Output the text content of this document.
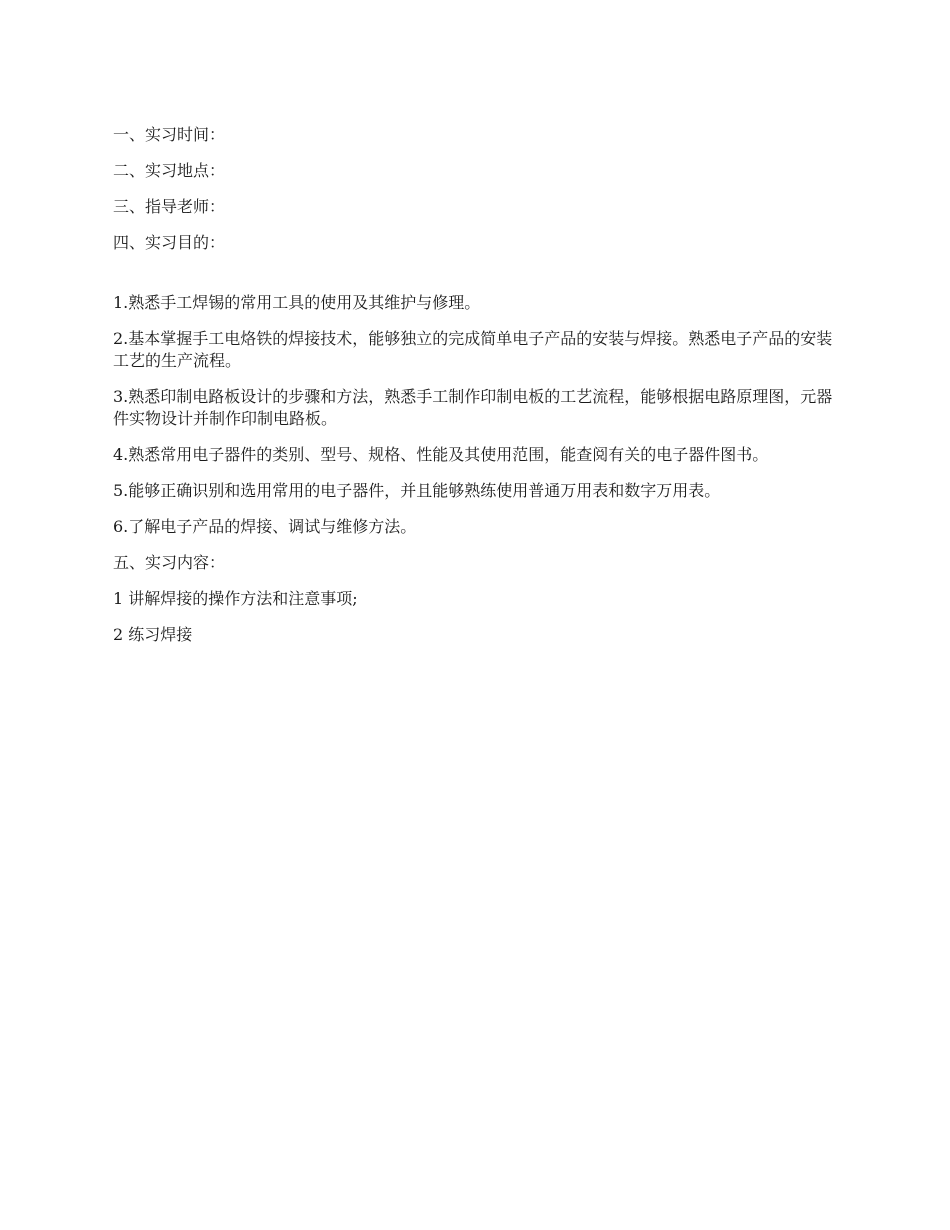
一、实习时间：

二、实习地点：

三、指导老师：

四、实习目的：

1.熟悉手工焊锡的常用工具的使用及其维护与修理。

2.基本掌握手工电烙铁的焊接技术，能够独立的完成简单电子产品的安装与焊接。熟悉电子产品的安装工艺的生产流程。

3.熟悉印制电路板设计的步骤和方法，熟悉手工制作印制电板的工艺流程，能够根据电路原理图，元器件实物设计并制作印制电路板。

4.熟悉常用电子器件的类别、型号、规格、性能及其使用范围，能查阅有关的电子器件图书。

5.能够正确识别和选用常用的电子器件，并且能够熟练使用普通万用表和数字万用表。

6.了解电子产品的焊接、调试与维修方法。

五、实习内容：

1 讲解焊接的操作方法和注意事项;

2 练习焊接
